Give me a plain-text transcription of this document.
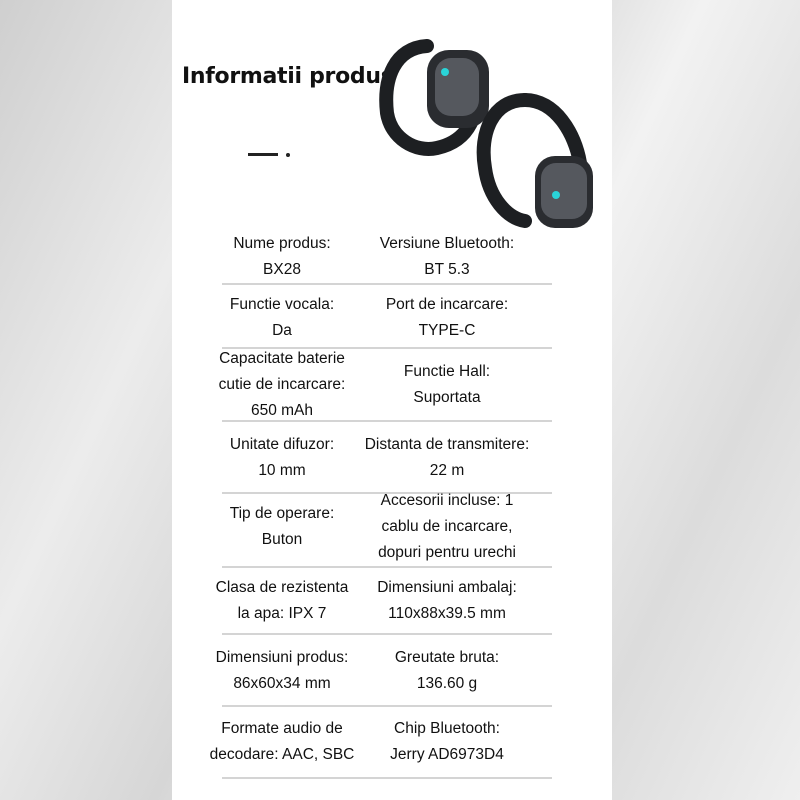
Informatii produs
Nume produs:
BX28
Versiune Bluetooth:
BT 5.3
Functie vocala:
Da
Port de incarcare:
TYPE-C
Capacitate baterie
cutie de incarcare:
650 mAh
Functie Hall:
Suportata
Unitate difuzor:
10 mm
Distanta de transmitere:
22 m
Tip de operare:
Buton
Accesorii incluse: 1
cablu de incarcare,
dopuri pentru urechi
Clasa de rezistenta
la apa: IPX 7
Dimensiuni ambalaj:
110x88x39.5 mm
Dimensiuni produs:
86x60x34 mm
Greutate bruta:
136.60 g
Formate audio de
decodare: AAC, SBC
Chip Bluetooth:
Jerry AD6973D4
